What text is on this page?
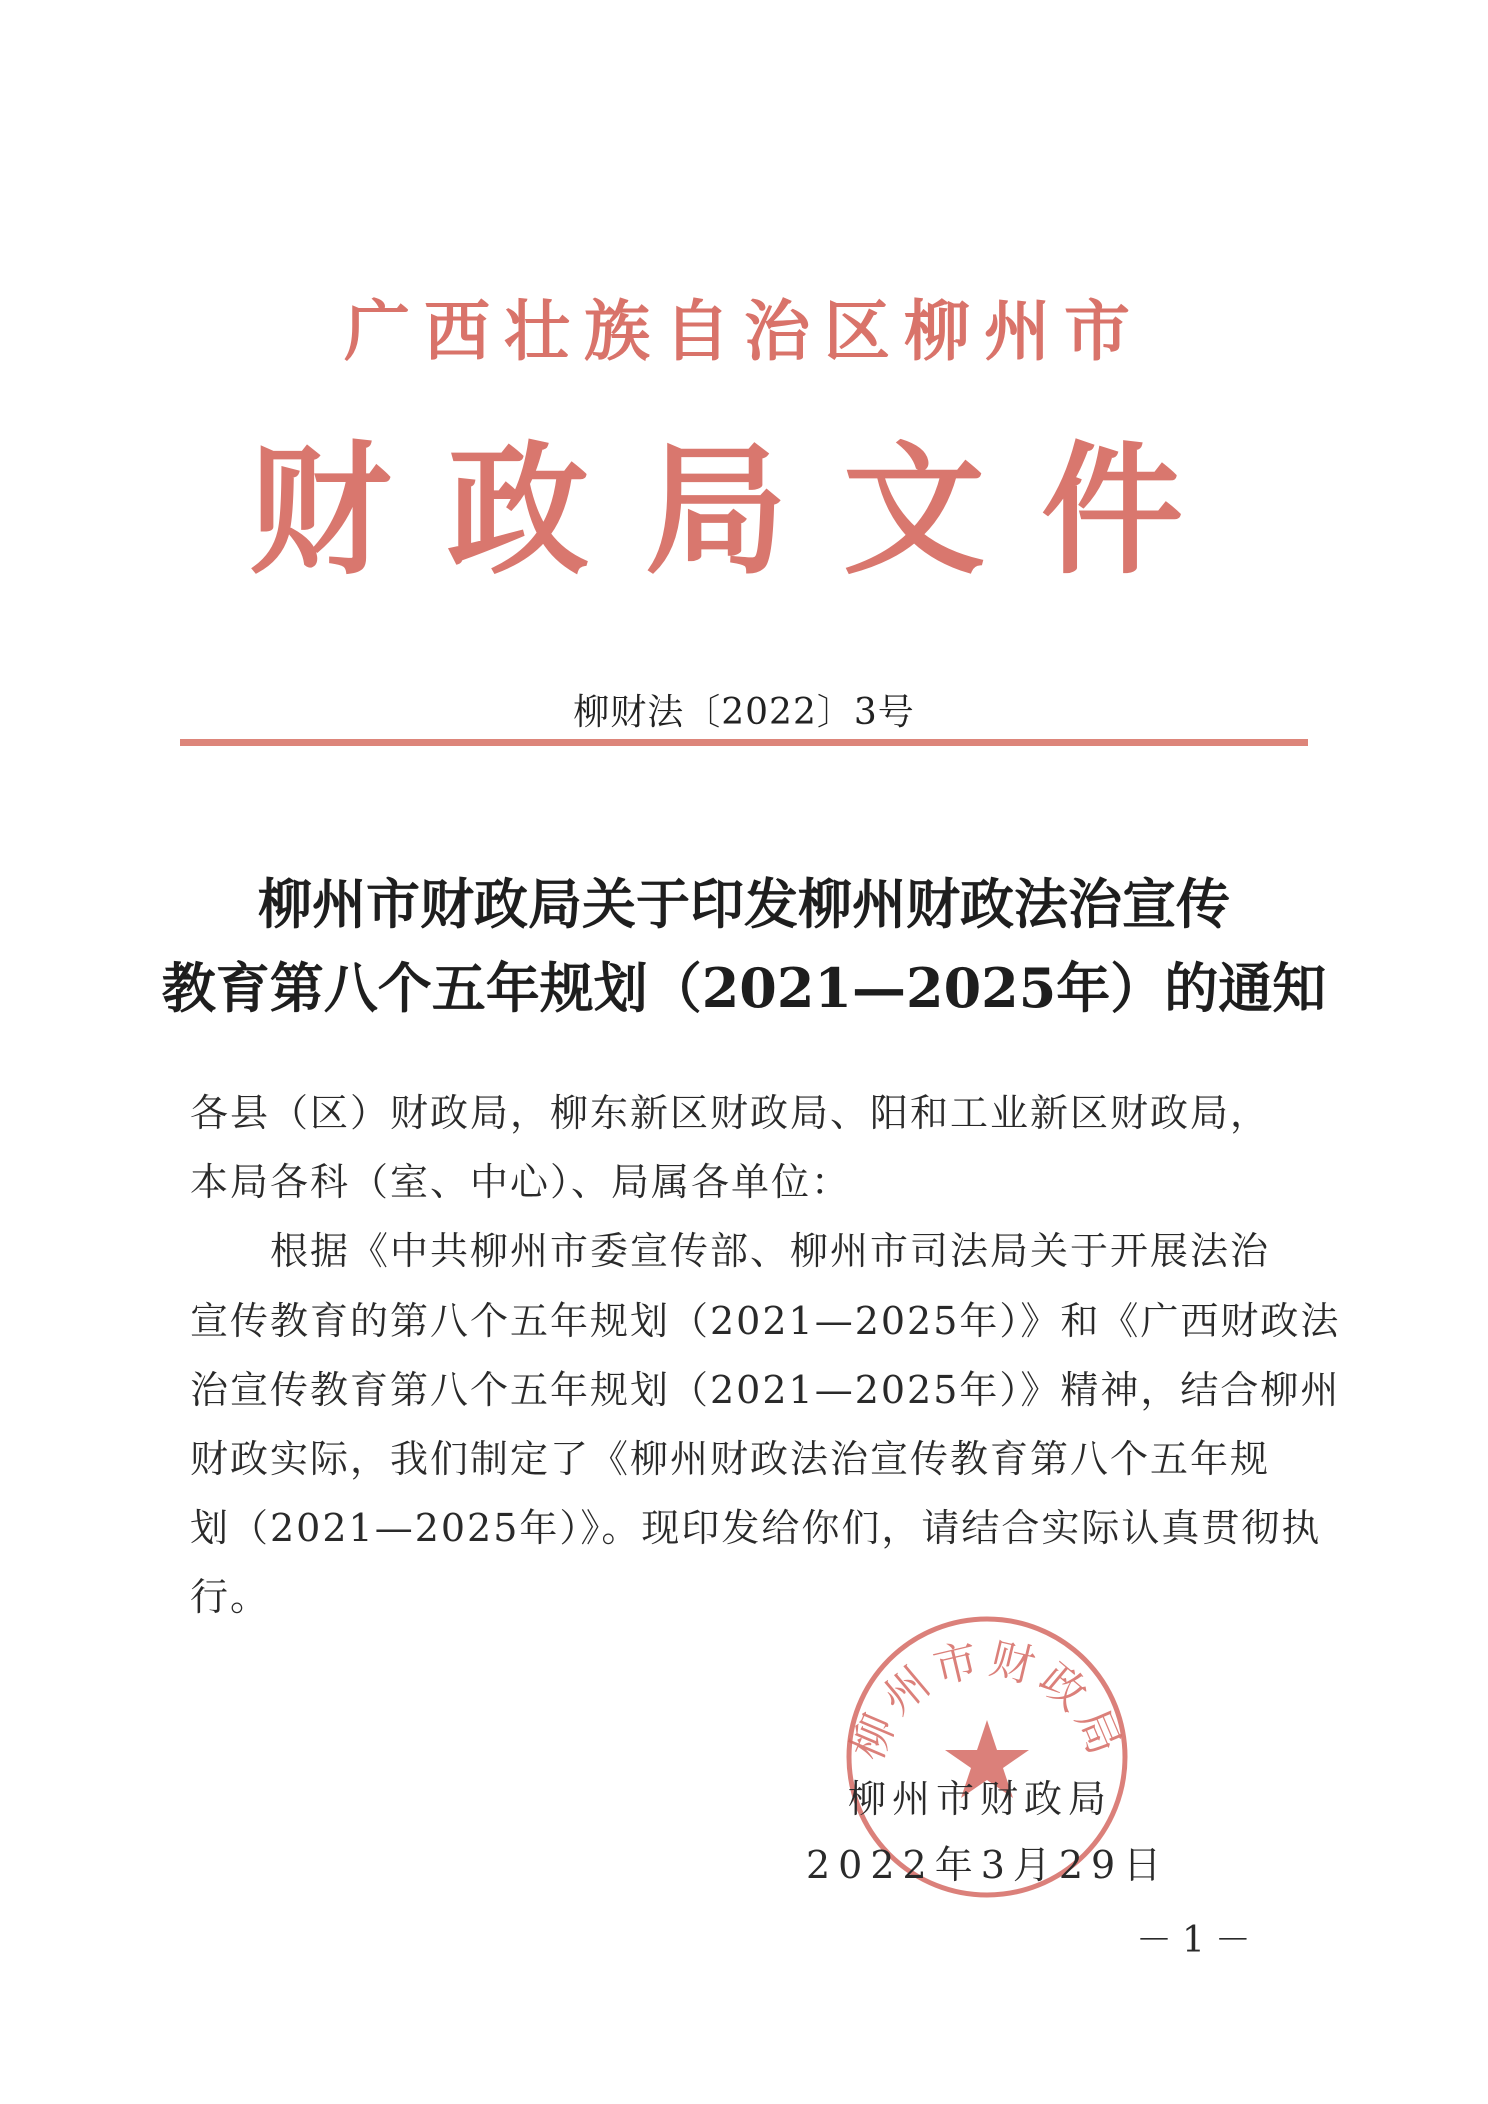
广西壮族自治区柳州市
财政局文件
柳财法〔2022〕3号
柳州市财政局关于印发柳州财政法治宣传
教育第八个五年规划（2021—2025年）的通知
各县（区）财政局，柳东新区财政局、阳和工业新区财政局，
本局各科（室、中心）、局属各单位：
根据《中共柳州市委宣传部、柳州市司法局关于开展法治
宣传教育的第八个五年规划（2021—2025年）》和《广西财政法
治宣传教育第八个五年规划（2021—2025年）》精神，结合柳州
财政实际，我们制定了《柳州财政法治宣传教育第八个五年规
划（2021—2025年）》。现印发给你们，请结合实际认真贯彻执
行。
柳州市财政局
柳州市财政局
2022年3月29日
－1－
